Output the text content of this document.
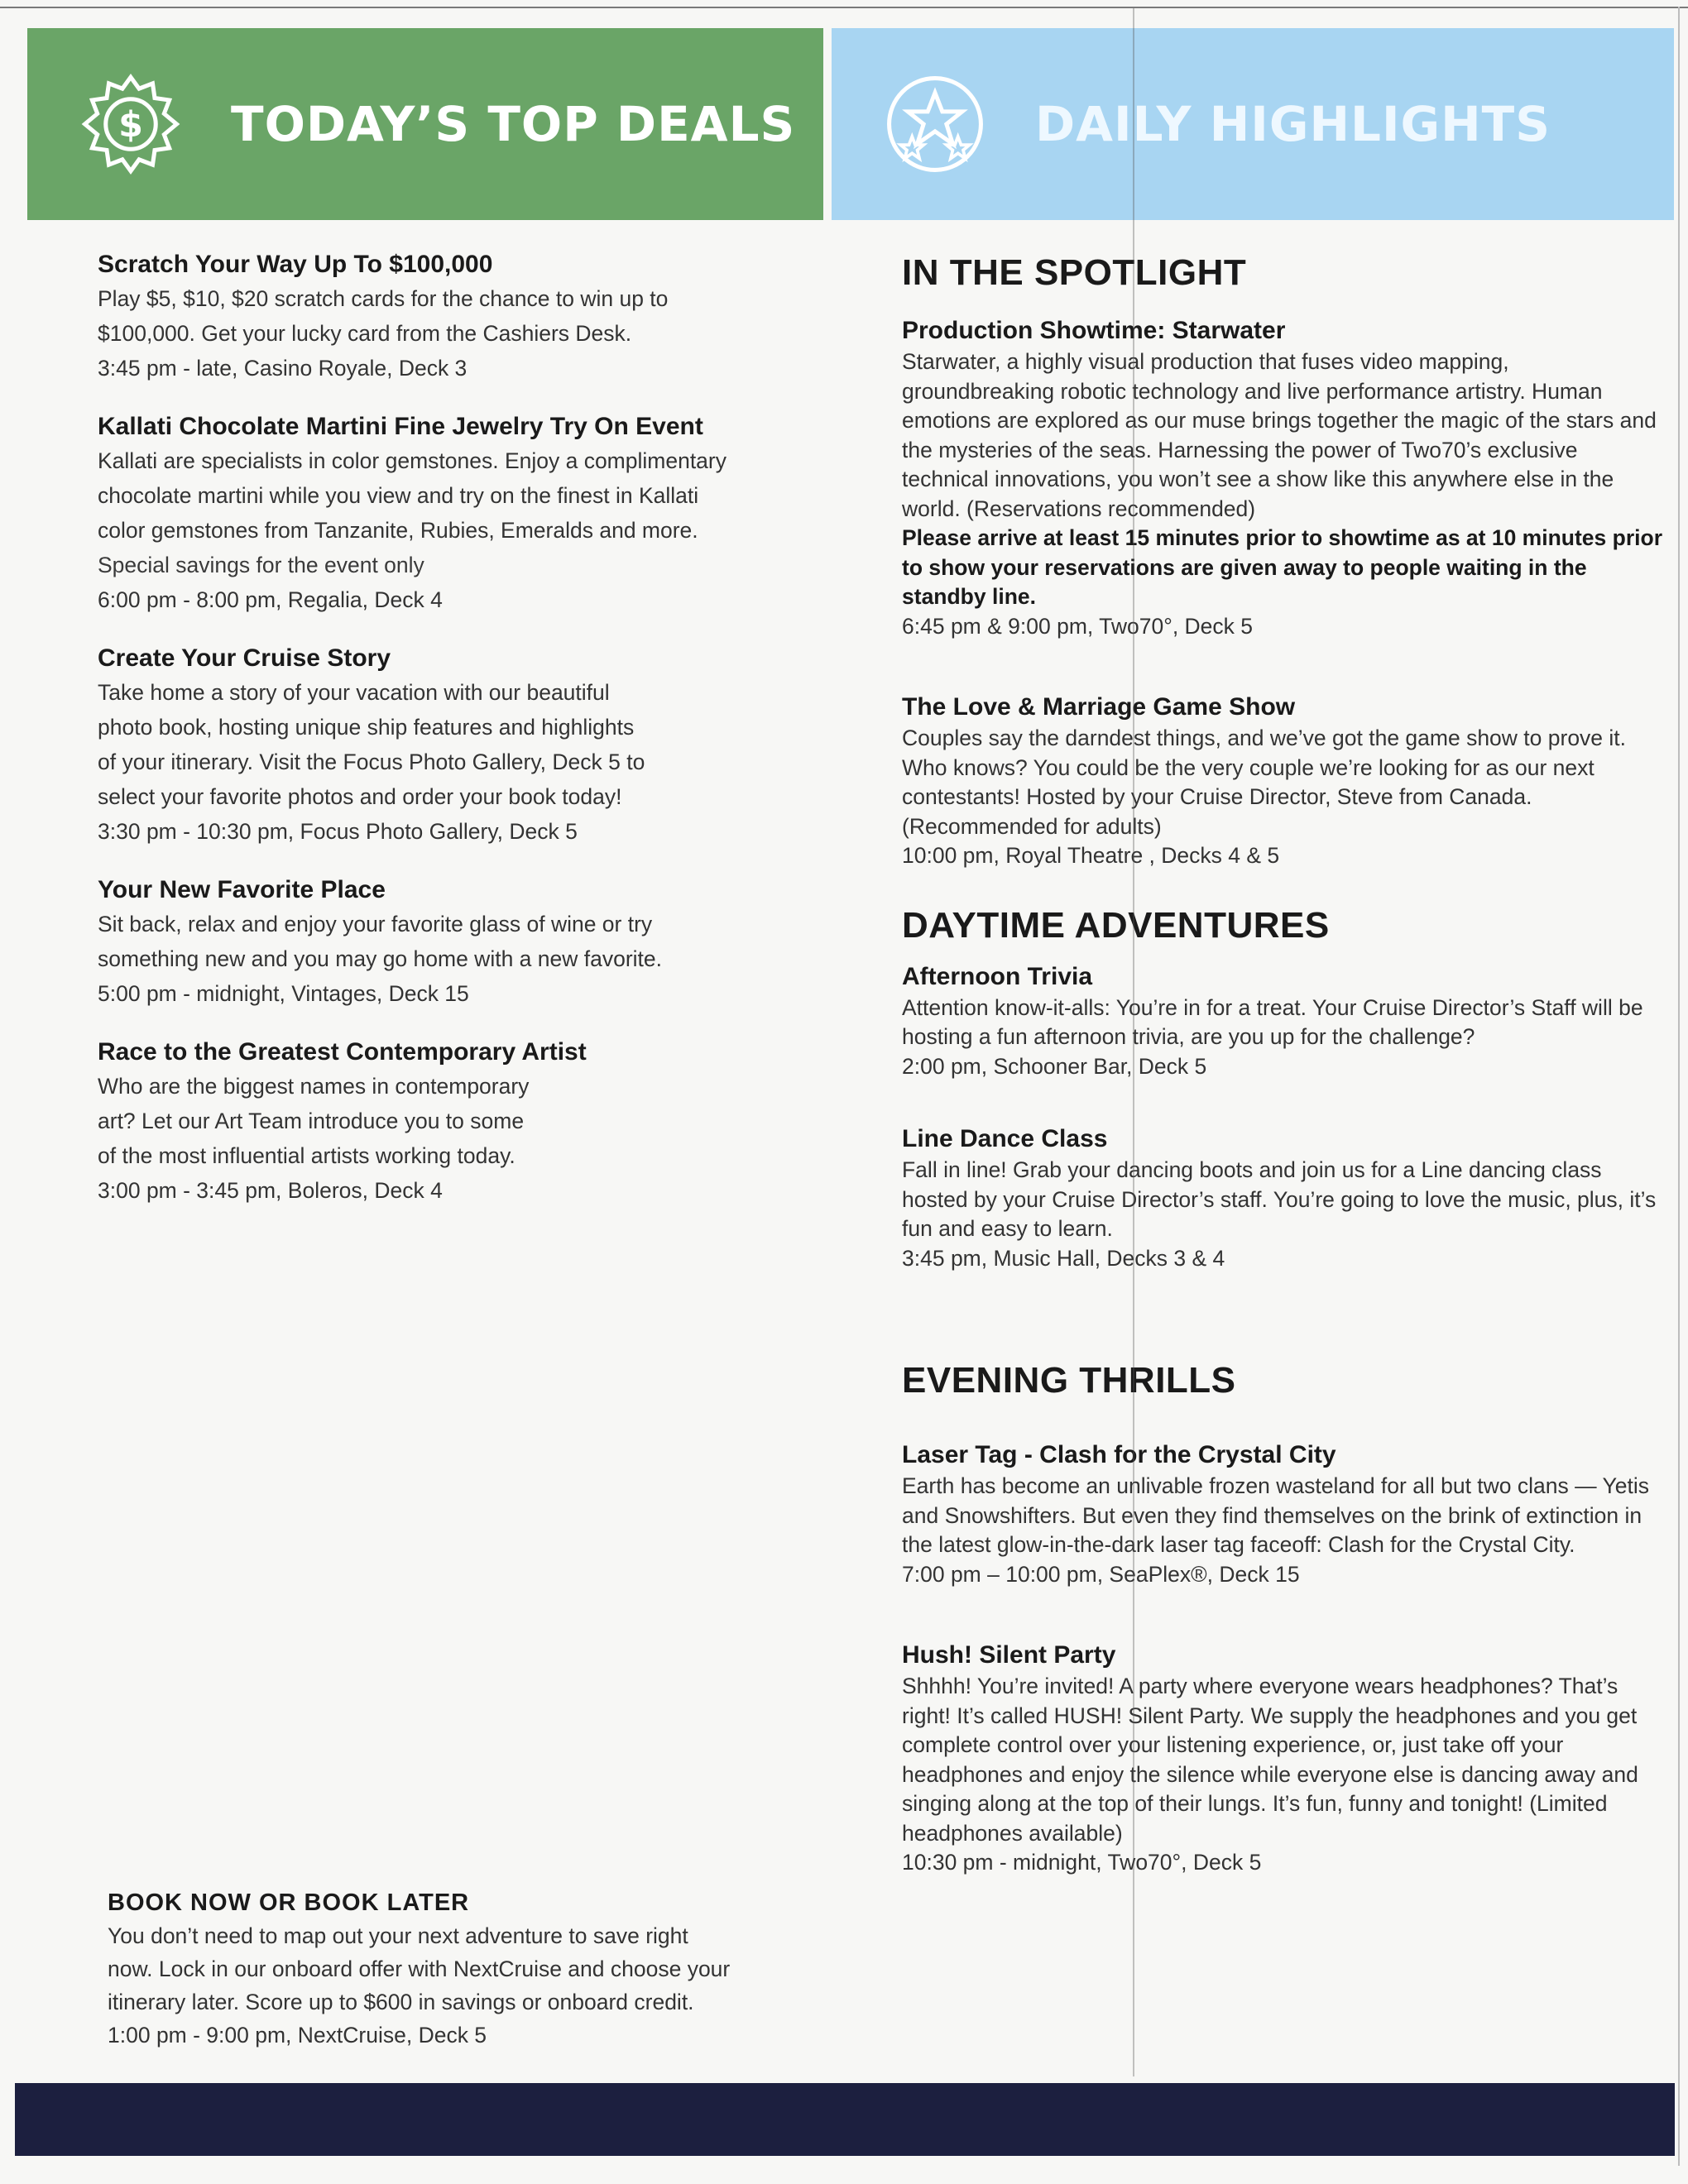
$ TODAY’S TOP DEALS	DAILY HIGHLIGHTS
Scratch Your Way Up To $100,000

Play $5, $10, $20 scratch cards for the chance to win up to

$100,000. Get your lucky card from the Cashiers Desk.

3:45 pm - late, Casino Royale, Deck 3

Kallati Chocolate Martini Fine Jewelry Try On Event

Kallati are specialists in color gemstones. Enjoy a complimentary

chocolate martini while you view and try on the finest in Kallati

color gemstones from Tanzanite, Rubies, Emeralds and more.

Special savings for the event only

6:00 pm - 8:00 pm, Regalia, Deck 4

Create Your Cruise Story

Take home a story of your vacation with our beautiful

photo book, hosting unique ship features and highlights

of your itinerary. Visit the Focus Photo Gallery, Deck 5 to

select your favorite photos and order your book today!

3:30 pm - 10:30 pm, Focus Photo Gallery, Deck 5

Your New Favorite Place

Sit back, relax and enjoy your favorite glass of wine or try

something new and you may go home with a new favorite.

5:00 pm - midnight, Vintages, Deck 15

Race to the Greatest Contemporary Artist

Who are the biggest names in contemporary

art? Let our Art Team introduce you to some

of the most influential artists working today.

3:00 pm - 3:45 pm, Boleros, Deck 4

BOOK NOW OR BOOK LATER

You don’t need to map out your next adventure to save right

now. Lock in our onboard offer with NextCruise and choose your

itinerary later. Score up to $600 in savings or onboard credit.

1:00 pm - 9:00 pm, NextCruise, Deck 5

IN THE SPOTLIGHT
Production Showtime: Starwater

Starwater, a highly visual production that fuses video mapping, groundbreaking robotic technology and live performance artistry. Human emotions are explored as our muse brings together the magic of the stars and the mysteries of the seas. Harnessing the power of Two70’s exclusive technical innovations, you won’t see a show like this anywhere else in the world. (Reservations recommended)

Please arrive at least 15 minutes prior to showtime as at 10 minutes prior to show your reservations are given away to people waiting in the standby line.

6:45 pm & 9:00 pm, Two70°, Deck 5

The Love & Marriage Game Show

Couples say the darndest things, and we’ve got the game show to prove it. Who knows? You could be the very couple we’re looking for as our next contestants! Hosted by your Cruise Director, Steve from Canada. (Recommended for adults)

10:00 pm, Royal Theatre , Decks 4 & 5

DAYTIME ADVENTURES
Afternoon Trivia

Attention know-it-alls: You’re in for a treat. Your Cruise Director’s Staff will be hosting a fun afternoon trivia, are you up for the challenge?

2:00 pm, Schooner Bar, Deck 5

Line Dance Class

Fall in line! Grab your dancing boots and join us for a Line dancing class hosted by your Cruise Director’s staff. You’re going to love the music, plus, it’s fun and easy to learn.

3:45 pm, Music Hall, Decks 3 & 4

EVENING THRILLS
Laser Tag - Clash for the Crystal City

Earth has become an unlivable frozen wasteland for all but two clans — Yetis and Snowshifters. But even they find themselves on the brink of extinction in the latest glow-in-the-dark laser tag faceoff: Clash for the Crystal City.

7:00 pm – 10:00 pm, SeaPlex®, Deck 15

Hush! Silent Party

Shhhh! You’re invited! A party where everyone wears headphones? That’s right! It’s called HUSH! Silent Party. We supply the headphones and you get complete control over your listening experience, or, just take off your headphones and enjoy the silence while everyone else is dancing away and singing along at the top of their lungs. It’s fun, funny and tonight! (Limited headphones available)

10:30 pm - midnight, Two70°, Deck 5
